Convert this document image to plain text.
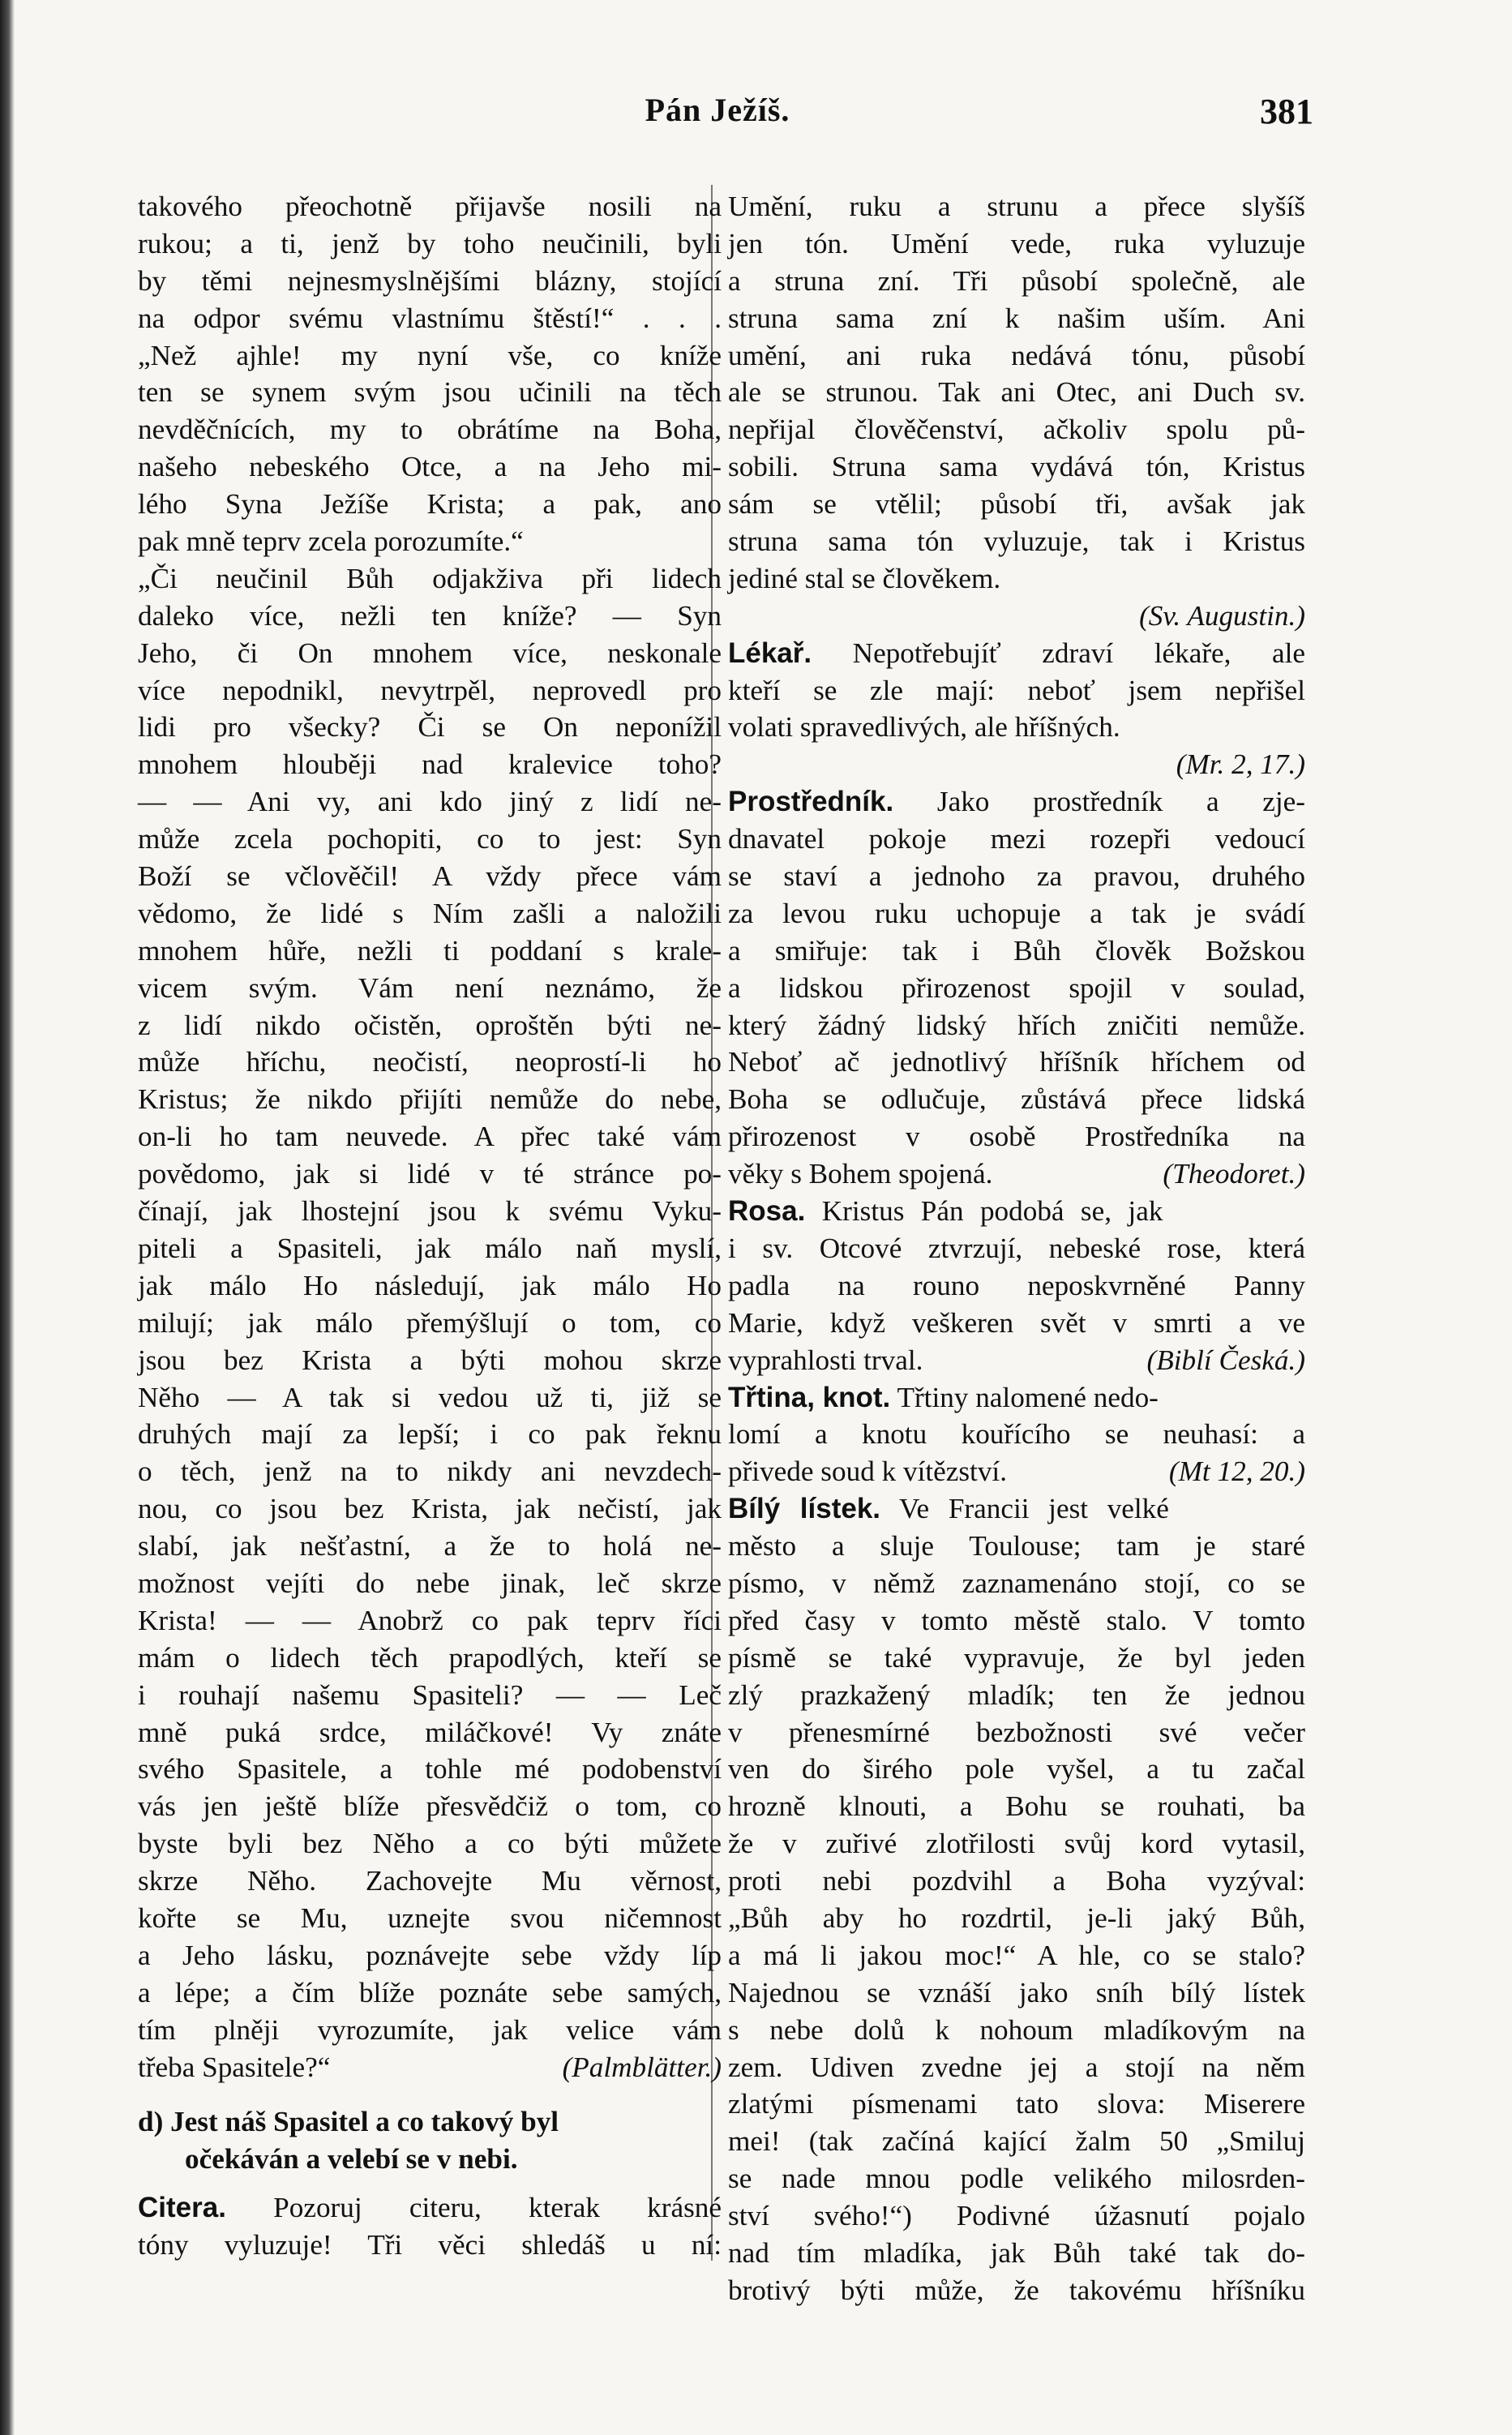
Pán Ježíš.	381
takového přeochotně přijavše nosili na
rukou; a ti, jenž by toho neučinili, byli
by těmi nejnesmyslnějšími blázny, stojící
na odpor svému vlastnímu štěstí!“ . . .
„Než ajhle! my nyní vše, co kníže
ten se synem svým jsou učinili na těch
nevděčnících, my to obrátíme na Boha,
našeho nebeského Otce, a na Jeho mi-
lého Syna Ježíše Krista; a pak, ano
pak mně teprv zcela porozumíte.“
„Či neučinil Bůh odjakživa při lidech
daleko více, nežli ten kníže? — Syn
Jeho, či On mnohem více, neskonale
více nepodnikl, nevytrpěl, neprovedl pro
lidi pro všecky? Či se On neponížil
mnohem hlouběji nad kralevice toho?
— — Ani vy, ani kdo jiný z lidí ne-
může zcela pochopiti, co to jest: Syn
Boží se včlověčil! A vždy přece vám
vědomo, že lidé s Ním zašli a naložili
mnohem hůře, nežli ti poddaní s krale-
vicem svým. Vám není neznámo, že
z lidí nikdo očistěn, oproštěn býti ne-
může hříchu, neočistí, neoprostí-li ho
Kristus; že nikdo přijíti nemůže do nebe,
on-li ho tam neuvede. A přec také vám
povědomo, jak si lidé v té stránce po-
čínají, jak lhostejní jsou k svému Vyku-
piteli a Spasiteli, jak málo naň myslí,
jak málo Ho následují, jak málo Ho
milují; jak málo přemýšlují o tom, co
jsou bez Krista a býti mohou skrze
Něho — A tak si vedou už ti, již se
druhých mají za lepší; i co pak řeknu
o těch, jenž na to nikdy ani nevzdech-
nou, co jsou bez Krista, jak nečistí, jak
slabí, jak nešťastní, a že to holá ne-
možnost vejíti do nebe jinak, leč skrze
Krista! — — Anobrž co pak teprv říci
mám o lidech těch prapodlých, kteří se
i rouhají našemu Spasiteli? — — Leč
mně puká srdce, miláčkové! Vy znáte
svého Spasitele, a tohle mé podobenství
vás jen ještě blíže přesvědčiž o tom, co
byste byli bez Něho a co býti můžete
skrze Něho. Zachovejte Mu věrnost,
kořte se Mu, uznejte svou ničemnost
a Jeho lásku, poznávejte sebe vždy líp
a lépe; a čím blíže poznáte sebe samých,
tím plněji vyrozumíte, jak velice vám
třeba Spasitele?“	(Palmblätter.)
d) Jest náš Spasitel a co takový byl
očekáván a velebí se v nebi.
Citera. Pozoruj citeru, kterak krásné
tóny vyluzuje! Tři věci shledáš u ní:
Umění, ruku a strunu a přece slyšíš
jen tón. Umění vede, ruka vyluzuje
a struna zní. Tři působí společně, ale
struna sama zní k našim uším. Ani
umění, ani ruka nedává tónu, působí
ale se strunou. Tak ani Otec, ani Duch sv.
nepřijal člověčenství, ačkoliv spolu pů-
sobili. Struna sama vydává tón, Kristus
sám se vtělil; působí tři, avšak jak
struna sama tón vyluzuje, tak i Kristus
jediné stal se člověkem.
(Sv. Augustin.)
Lékař. Nepotřebujíť zdraví lékaře, ale
kteří se zle mají: neboť jsem nepřišel
volati spravedlivých, ale hříšných.
(Mr. 2, 17.)
Prostředník. Jako prostředník a zje-
dnavatel pokoje mezi rozepři vedoucí
se staví a jednoho za pravou, druhého
za levou ruku uchopuje a tak je svádí
a smiřuje: tak i Bůh člověk Božskou
a lidskou přirozenost spojil v soulad,
který žádný lidský hřích zničiti nemůže.
Neboť ač jednotlivý hříšník hříchem od
Boha se odlučuje, zůstává přece lidská
přirozenost v osobě Prostředníka na
věky s Bohem spojená.	(Theodoret.)
Rosa. Kristus Pán podobá se, jak
i sv. Otcové ztvrzují, nebeské rose, která
padla na rouno neposkvrněné Panny
Marie, když veškeren svět v smrti a ve
vyprahlosti trval.	(Biblí Česká.)
Třtina, knot. Třtiny nalomené nedo-
lomí a knotu kouřícího se neuhasí: a
přivede soud k vítězství.	(Mt 12, 20.)
Bílý lístek. Ve Francii jest velké
město a sluje Toulouse; tam je staré
písmo, v němž zaznamenáno stojí, co se
před časy v tomto městě stalo. V tomto
písmě se také vypravuje, že byl jeden
zlý prazkažený mladík; ten že jednou
v přenesmírné bezbožnosti své večer
ven do širého pole vyšel, a tu začal
hrozně klnouti, a Bohu se rouhati, ba
že v zuřivé zlotřilosti svůj kord vytasil,
proti nebi pozdvihl a Boha vyzýval:
„Bůh aby ho rozdrtil, je-li jaký Bůh,
a má li jakou moc!“ A hle, co se stalo?
Najednou se vznáší jako sníh bílý lístek
s nebe dolů k nohoum mladíkovým na
zem. Udiven zvedne jej a stojí na něm
zlatými písmenami tato slova: Miserere
mei! (tak začíná kající žalm 50 „Smiluj
se nade mnou podle velikého milosrden-
ství svého!“) Podivné úžasnutí pojalo
nad tím mladíka, jak Bůh také tak do-
brotivý býti může, že takovému hříšníku
